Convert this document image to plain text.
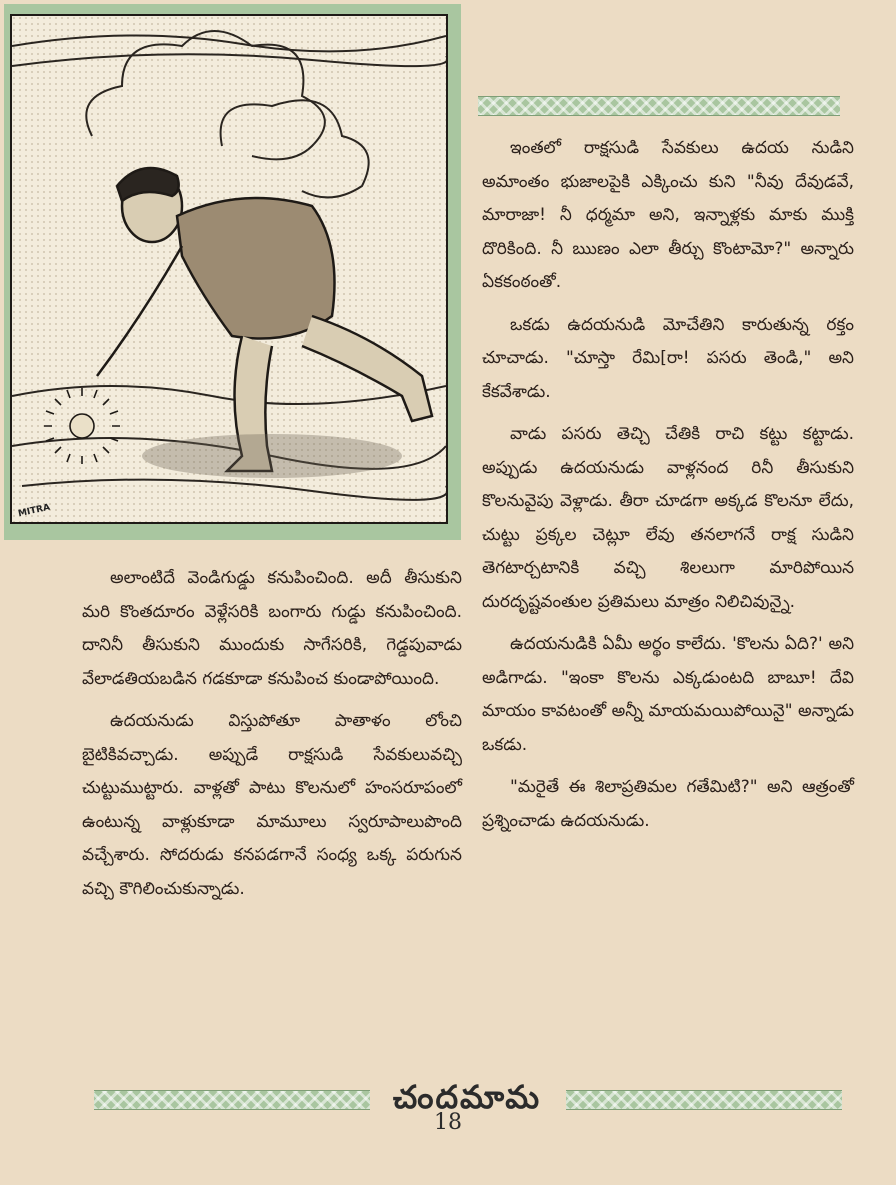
MITRA

అలాంటిదే వెండిగుడ్డు కనుపించింది. అదీ తీసుకుని మరి కొంతదూరం వెళ్లేసరికి బంగారు గుడ్డు కనుపించింది. దానినీ తీసుకుని ముందుకు సాగేసరికి, గెడ్డపువాడు వేలాడతియబడిన గడకూడా కనుపించ కుండాపోయింది.

ఉదయనుడు విస్తుపోతూ పాతాళం లోంచి బైటికివచ్చాడు. అప్పుడే రాక్షసుడి సేవకులువచ్చి చుట్టుముట్టారు. వాళ్లతో పాటు కొలనులో హంసరూపంలో ఉంటున్న వాళ్లుకూడా మామూలు స్వరూపాలుపొంది వచ్చేశారు. సోదరుడు కనపడగానే సంధ్య ఒక్క పరుగున వచ్చి కౌగిలించుకున్నాడు.

ఇంతలో రాక్షసుడి సేవకులు ఉదయ నుడిని అమాంతం భుజాలపైకి ఎక్కించు కుని "నీవు దేవుడవే, మారాజా! నీ ధర్మమా అని, ఇన్నాళ్లకు మాకు ముక్తి దొరికింది. నీ ఋణం ఎలా తీర్చు కొంటామో?" అన్నారు ఏకకంఠంతో.

ఒకడు ఉదయనుడి మోచేతిని కారుతున్న రక్తం చూచాడు. "చూస్తా రేమి[రా! పసరు తెండి," అని కేకవేశాడు.

వాడు పసరు తెచ్చి చేతికి రాచి కట్టు కట్టాడు. అప్పుడు ఉదయనుడు వాళ్లనంద రినీ తీసుకుని కొలనువైపు వెళ్లాడు. తీరా చూడగా అక్కడ కొలనూ లేదు, చుట్టు ప్రక్కల చెట్లూ లేవు తనలాగనే రాక్ష సుడిని తెగటార్చటానికి వచ్చి శిలలుగా మారిపోయిన దురదృష్టవంతుల ప్రతిమలు మాత్రం నిలిచివున్నై.

ఉదయనుడికి ఏమీ అర్థం కాలేదు. 'కొలను ఏది?' అని అడిగాడు. "ఇంకా కొలను ఎక్కడుంటది బాబూ! దేవి మాయం కావటంతో అన్నీ మాయమయిపోయినై" అన్నాడు ఒకడు.

"మరైతే ఈ శిలాప్రతిమల గతేమిటి?" అని ఆత్రంతో ప్రశ్నించాడు ఉదయనుడు.

చందమామ
18
